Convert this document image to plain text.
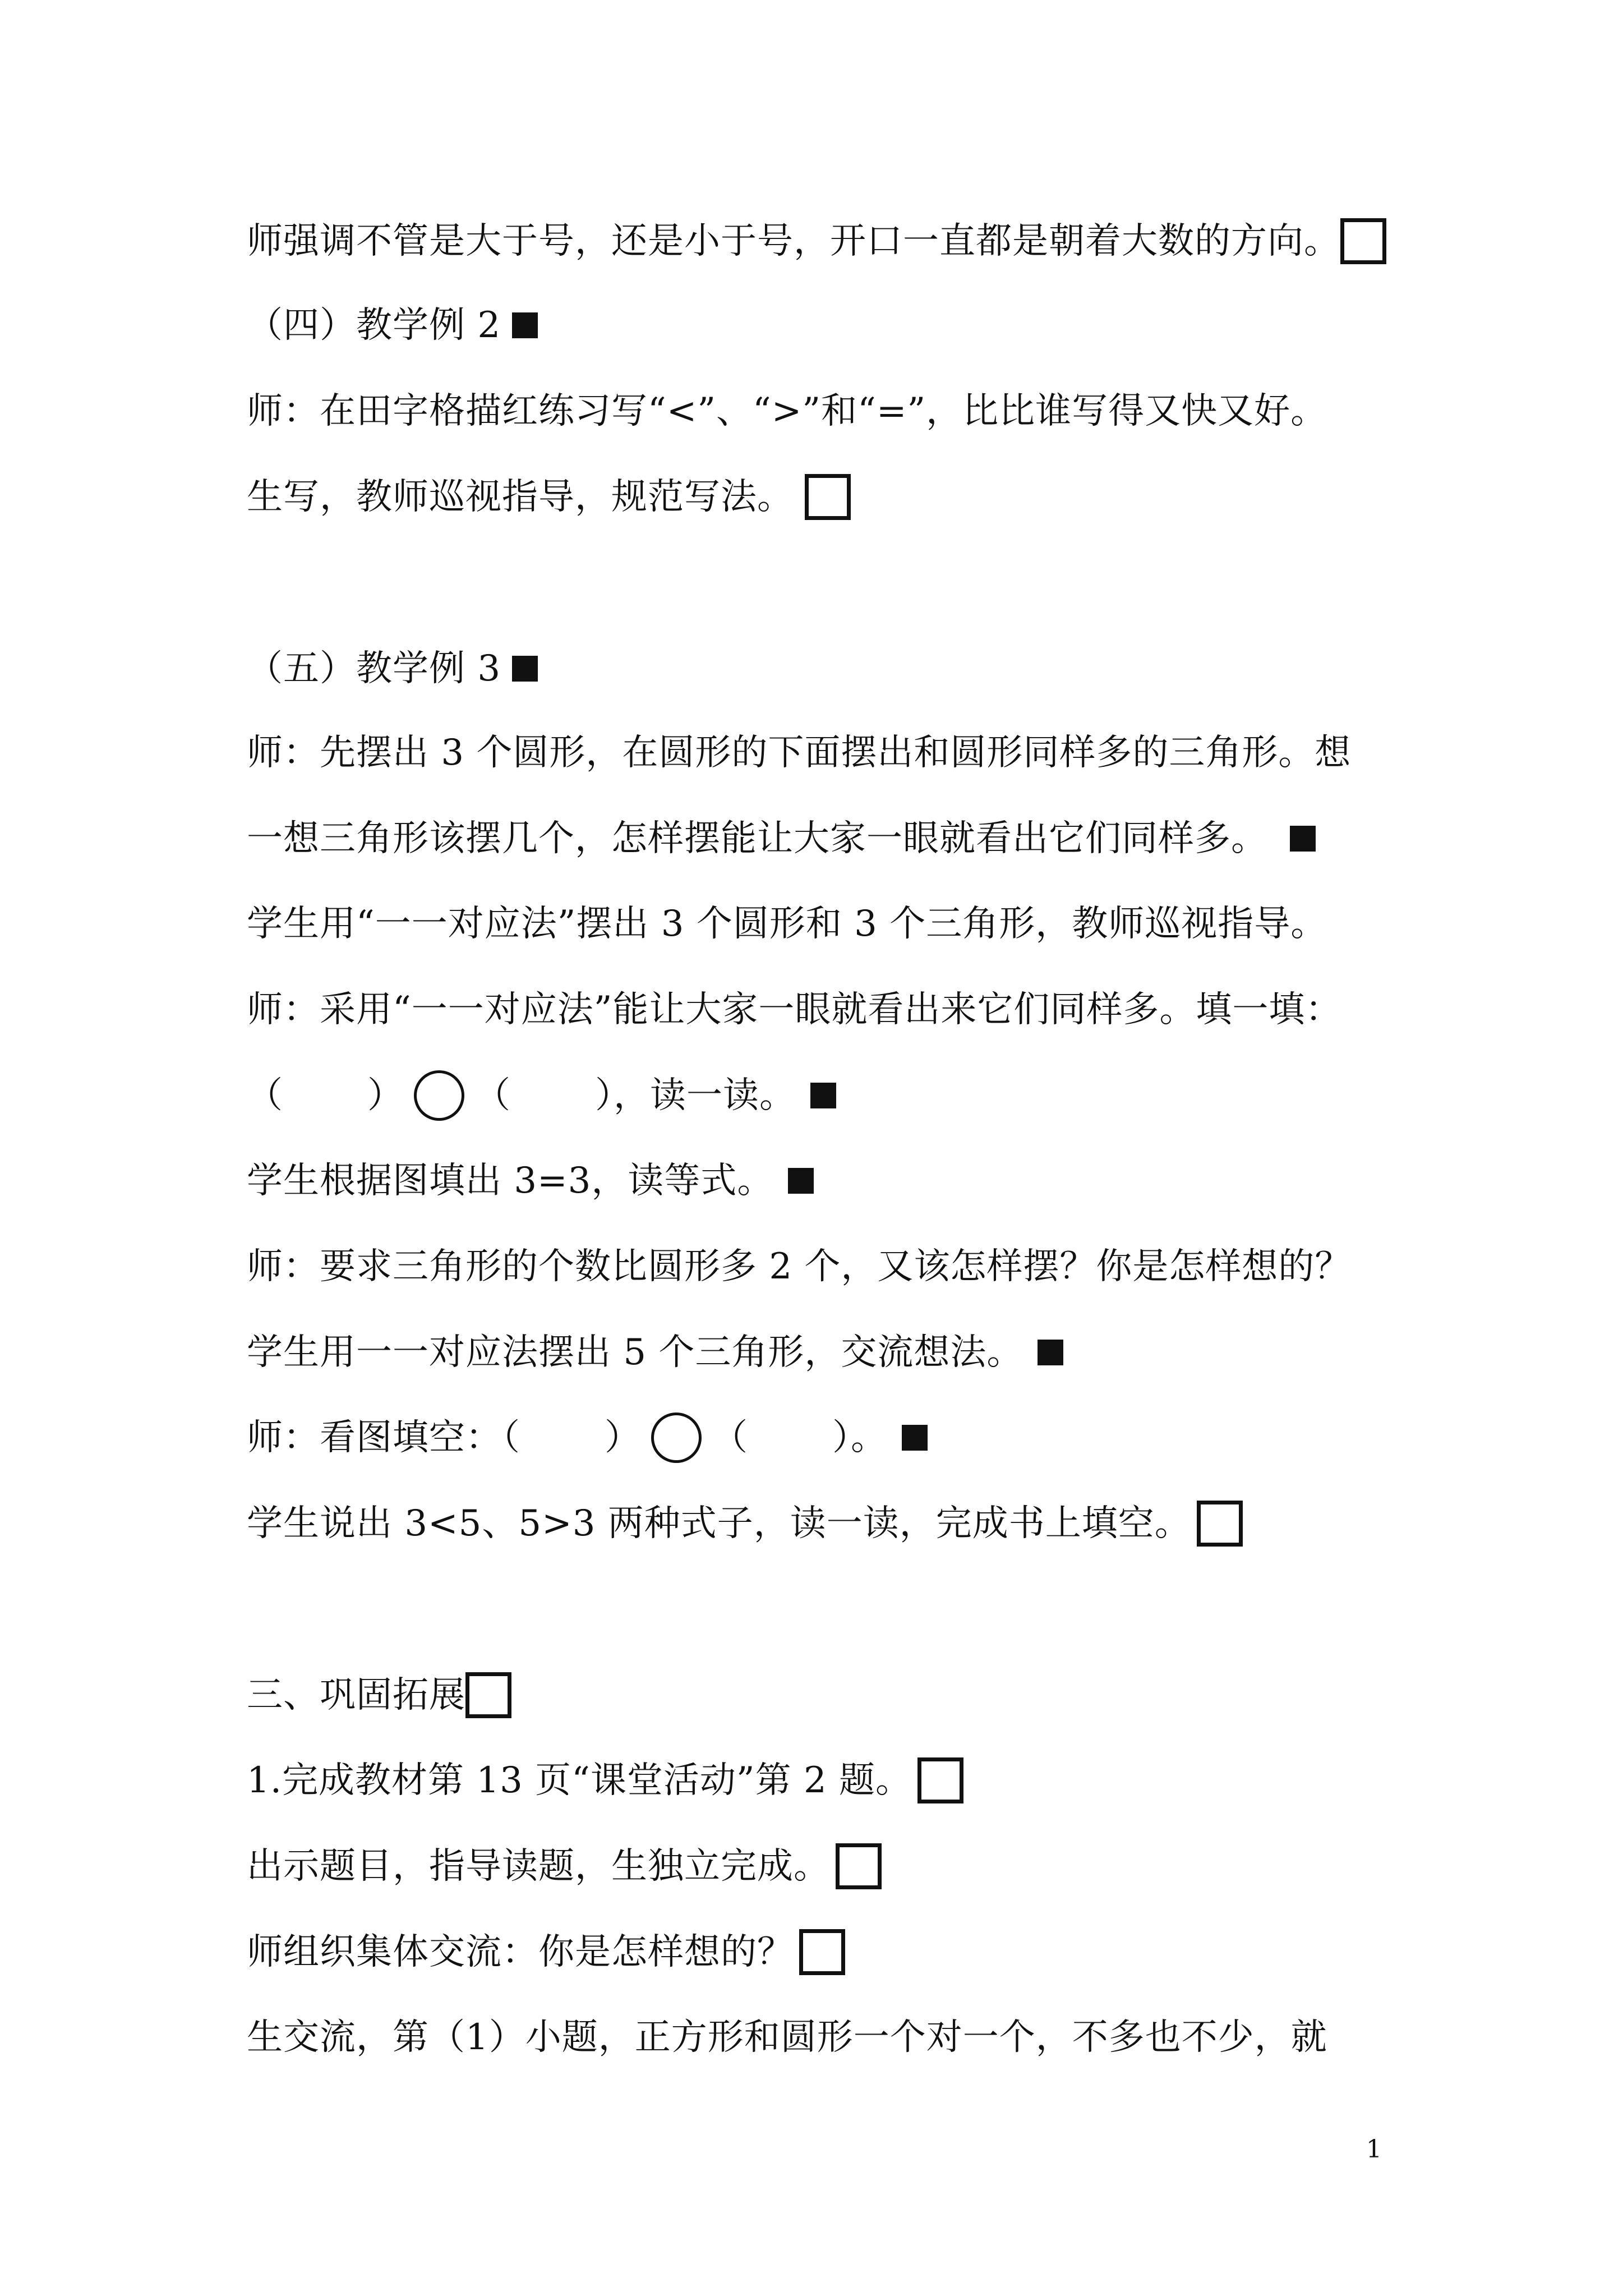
师强调不管是大于号，还是小于号，开口一直都是朝着大数的方向。
（四）教学例 2
师：在田字格描红练习写“<”、“>”和“=”，比比谁写得又快又好。
生写，教师巡视指导，规范写法。
（五）教学例 3
师：先摆出 3 个圆形，在圆形的下面摆出和圆形同样多的三角形。想
一想三角形该摆几个，怎样摆能让大家一眼就看出它们同样多。
学生用“一一对应法”摆出 3 个圆形和 3 个三角形，教师巡视指导。
师：采用“一一对应法”能让大家一眼就看出来它们同样多。填一填：
（ ） （ ），读一读。
学生根据图填出 3=3，读等式。
师：要求三角形的个数比圆形多 2 个，又该怎样摆？你是怎样想的？
学生用一一对应法摆出 5 个三角形，交流想法。
师：看图填空：（ ） （ ）。
学生说出 3<5、5>3 两种式子，读一读，完成书上填空。
三、巩固拓展
1.完成教材第 13 页“课堂活动”第 2 题。
出示题目，指导读题，生独立完成。
师组织集体交流：你是怎样想的？
生交流，第（1）小题，正方形和圆形一个对一个，不多也不少，就
1
